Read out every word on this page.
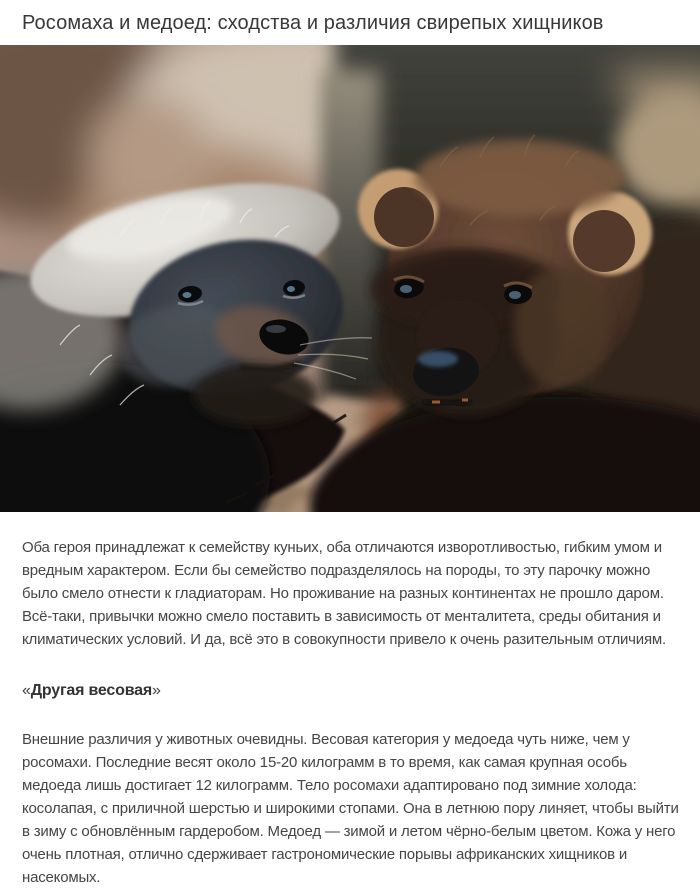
Росомаха и медоед: сходства и различия свирепых хищников

Оба героя принадлежат к семейству куньих, оба отличаются изворотливостью, гибким умом и вредным характером. Если бы семейство подразделялось на породы, то эту парочку можно было смело отнести к гладиаторам. Но проживание на разных континентах не прошло даром. Всё-таки, привычки можно смело поставить в зависимость от менталитета, среды обитания и климатических условий. И да, всё это в совокупности привело к очень разительным отличиям.

«Другая весовая»

Внешние различия у животных очевидны. Весовая категория у медоеда чуть ниже, чем у росомахи. Последние весят около 15-20 килограмм в то время, как самая крупная особь медоеда лишь достигает 12 килограмм. Тело росомахи адаптировано под зимние холода: косолапая, с приличной шерстью и широкими стопами. Она в летнюю пору линяет, чтобы выйти в зиму с обновлённым гардеробом. Медоед — зимой и летом чёрно-белым цветом. Кожа у него очень плотная, отлично сдерживает гастрономические порывы африканских хищников и насекомых.
